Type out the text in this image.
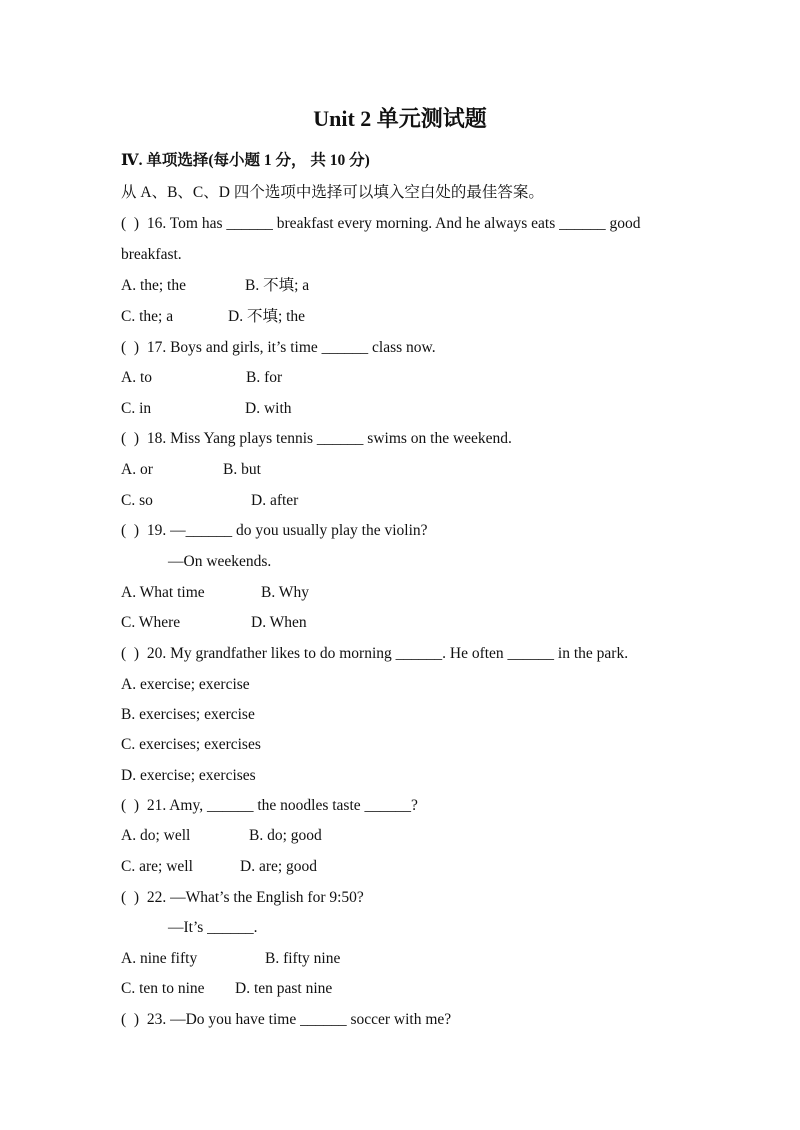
Unit 2 单元测试题
Ⅳ. 单项选择(每小题 1 分， 共 10 分)
从 A、B、C、D 四个选项中选择可以填入空白处的最佳答案。
(  )  16. Tom has ______ breakfast every morning. And he always eats ______ good
breakfast.
A. the; the	B. 不填; a
C. the; a	D. 不填; the
(  )  17. Boys and girls, it’s time ______ class now.
A. to	B. for
C. in	D. with
(  )  18. Miss Yang plays tennis ______ swims on the weekend.
A. or	B. but
C. so	D. after
(  )  19. —______ do you usually play the violin?
—On weekends.
A. What time	B. Why
C. Where	D. When
(  )  20. My grandfather likes to do morning ______. He often ______ in the park.
A. exercise; exercise
B. exercises; exercise
C. exercises; exercises
D. exercise; exercises
(  )  21. Amy, ______ the noodles taste ______?
A. do; well	B. do; good
C. are; well	D. are; good
(  )  22. —What’s the English for 9:50?
—It’s ______.
A. nine fifty	B. fifty nine
C. ten to nine	D. ten past nine
(  )  23. —Do you have time ______ soccer with me?
